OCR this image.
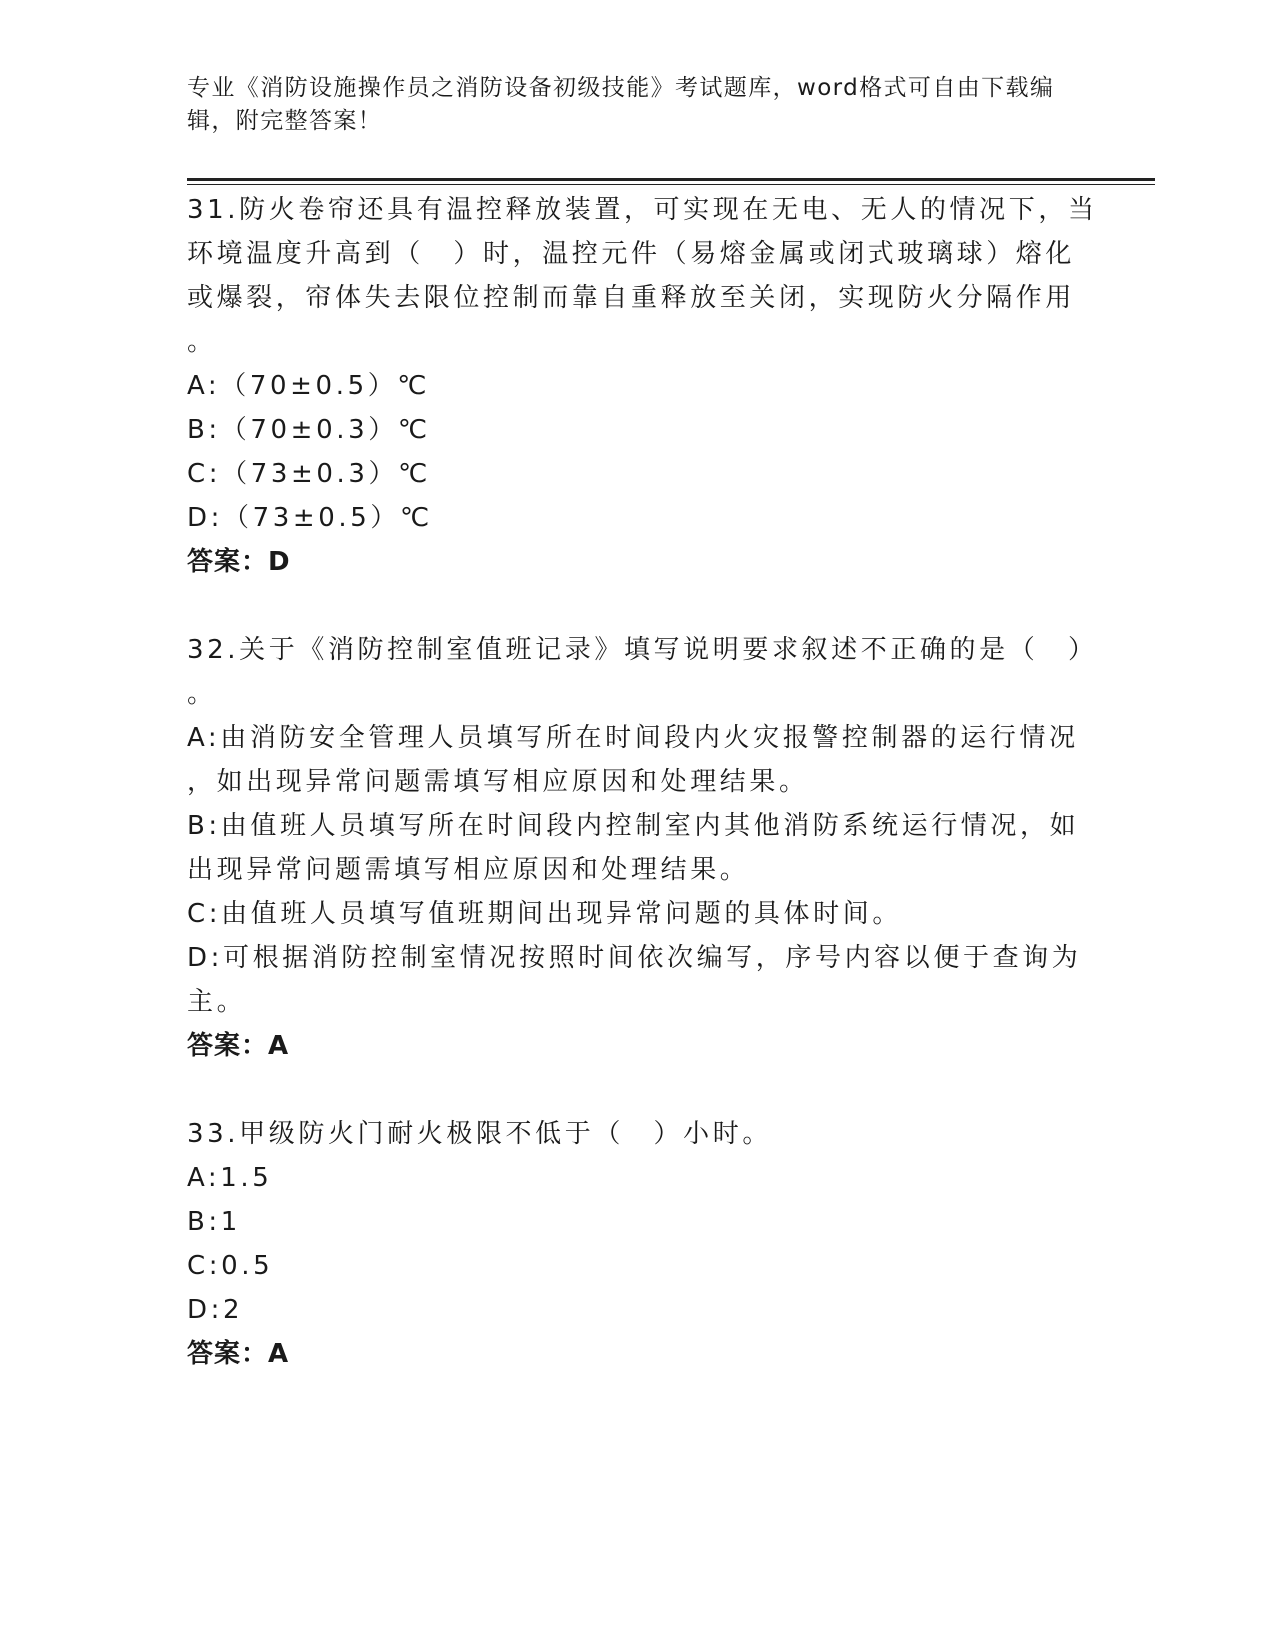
专业《消防设施操作员之消防设备初级技能》考试题库，word格式可自由下载编辑，附完整答案！
31.防火卷帘还具有温控释放装置，可实现在无电、无人的情况下，当
环境温度升高到（　）时，温控元件（易熔金属或闭式玻璃球）熔化
或爆裂，帘体失去限位控制而靠自重释放至关闭，实现防火分隔作用
。
A:（70±0.5）℃
B:（70±0.3）℃
C:（73±0.3）℃
D:（73±0.5）℃
答案：D
32.关于《消防控制室值班记录》填写说明要求叙述不正确的是（　）
。
A:由消防安全管理人员填写所在时间段内火灾报警控制器的运行情况
，如出现异常问题需填写相应原因和处理结果。
B:由值班人员填写所在时间段内控制室内其他消防系统运行情况，如
出现异常问题需填写相应原因和处理结果。
C:由值班人员填写值班期间出现异常问题的具体时间。
D:可根据消防控制室情况按照时间依次编写，序号内容以便于查询为
主。
答案：A
33.甲级防火门耐火极限不低于（　）小时。
A:1.5
B:1
C:0.5
D:2
答案：A
